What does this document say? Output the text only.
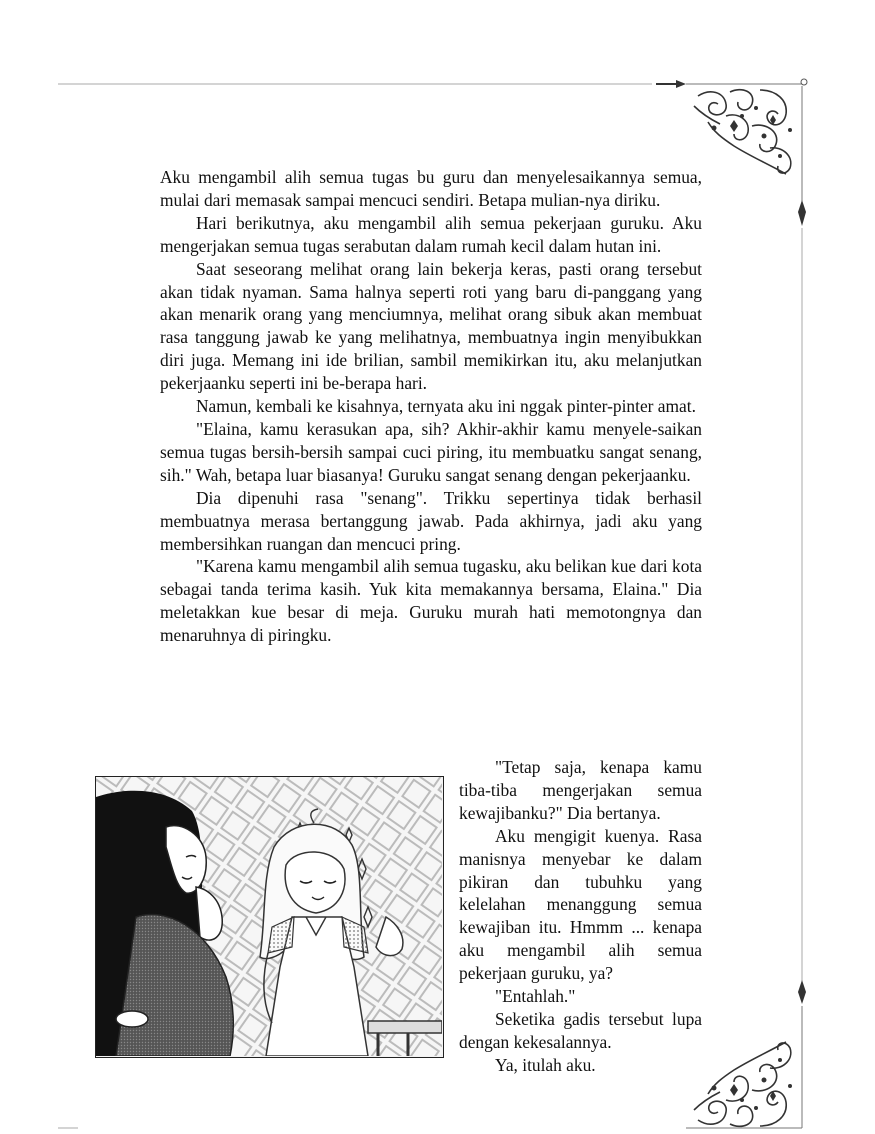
Aku mengambil alih semua tugas bu guru dan menyelesaikannya semua, mulai dari memasak sampai mencuci sendiri. Betapa mulian-nya diriku.

Hari berikutnya, aku mengambil alih semua pekerjaan guruku. Aku mengerjakan semua tugas serabutan dalam rumah kecil dalam hutan ini.

Saat seseorang melihat orang lain bekerja keras, pasti orang tersebut akan tidak nyaman. Sama halnya seperti roti yang baru di-panggang yang akan menarik orang yang menciumnya, melihat orang sibuk akan membuat rasa tanggung jawab ke yang melihatnya, membuatnya ingin menyibukkan diri juga. Memang ini ide brilian, sambil memikirkan itu, aku melanjutkan pekerjaanku seperti ini be-berapa hari.

Namun, kembali ke kisahnya, ternyata aku ini nggak pinter-pinter amat.

"Elaina, kamu kerasukan apa, sih? Akhir-akhir kamu menyele-saikan semua tugas bersih-bersih sampai cuci piring, itu membuatku sangat senang, sih." Wah, betapa luar biasanya! Guruku sangat senang dengan pekerjaanku.

Dia dipenuhi rasa "senang". Trikku sepertinya tidak berhasil membuatnya merasa bertanggung jawab. Pada akhirnya, jadi aku yang membersihkan ruangan dan mencuci pring.

"Karena kamu mengambil alih semua tugasku, aku belikan kue dari kota sebagai tanda terima kasih. Yuk kita memakannya bersama, Elaina." Dia meletakkan kue besar di meja. Guruku murah hati memotongnya dan menaruhnya di piringku.

"Tetap saja, kenapa kamu tiba-tiba mengerjakan semua kewajibanku?" Dia bertanya.

Aku mengigit kuenya. Rasa manisnya menyebar ke dalam pikiran dan tubuhku yang kelelahan menanggung semua kewajiban itu. Hmmm ... kenapa aku mengambil alih semua pekerjaan guruku, ya?

"Entahlah."

Seketika gadis tersebut lupa dengan kekesalannya.

Ya, itulah aku.
